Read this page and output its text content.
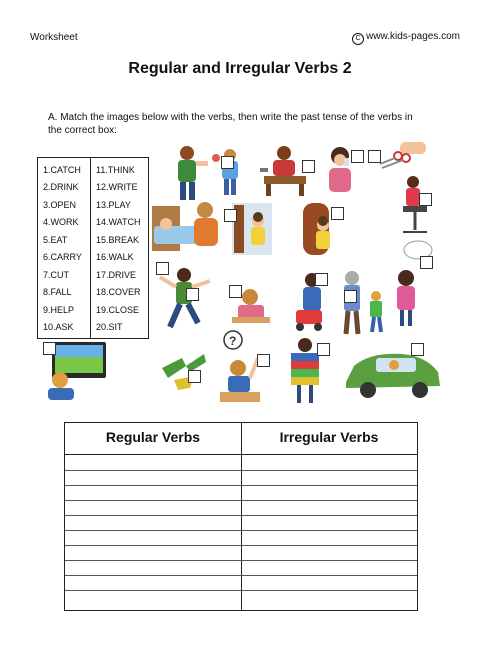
Worksheet	C www.kids-pages.com
Regular and Irregular Verbs 2
A. Match the images below with the verbs, then write the past tense of the verbs in the correct box:
1.CATCH
2.DRINK
3.OPEN
4.WORK
5.EAT
6.CARRY
7.CUT
8.FALL
9.HELP
10.ASK
11.THINK
12.WRITE
13.PLAY
14.WATCH
15.BREAK
16.WALK
17.DRIVE
18.COVER
19.CLOSE
20.SIT
?
Regular Verbs	Irregular Verbs
